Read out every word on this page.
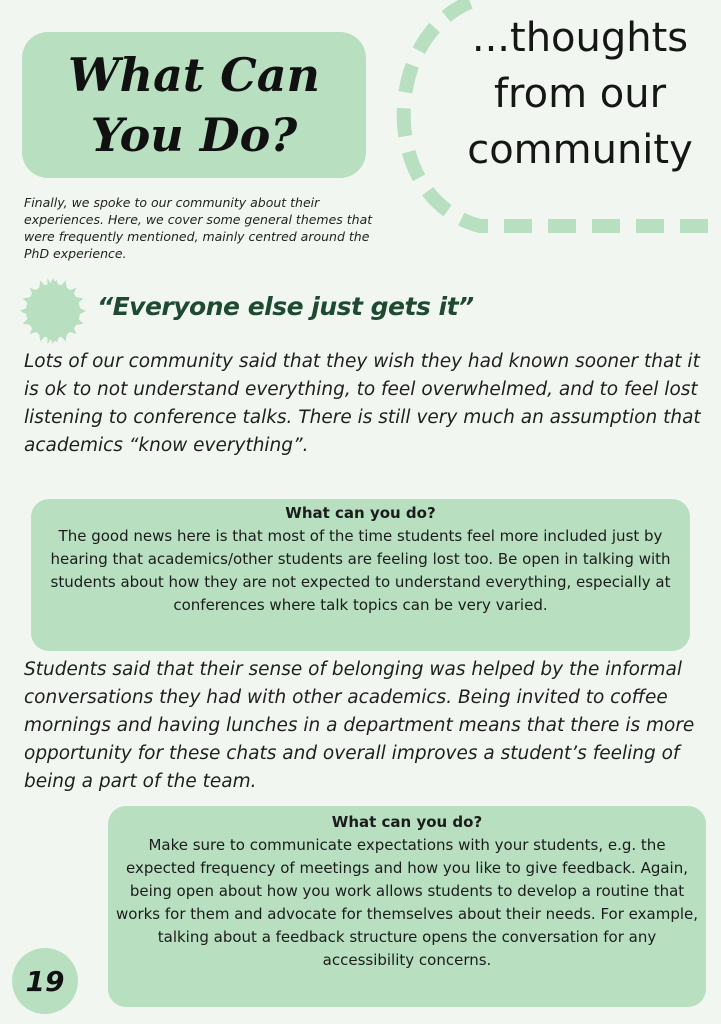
What Can You Do?
...thoughts from our community
Finally, we spoke to our community about their experiences. Here, we cover some general themes that were frequently mentioned, mainly centred around the PhD experience.
“Everyone else just gets it”
Lots of our community said that they wish they had known sooner that it is ok to not understand everything, to feel overwhelmed, and to feel lost listening to conference talks. There is still very much an assumption that academics “know everything”.
What can you do?

The good news here is that most of the time students feel more included just by hearing that academics/other students are feeling lost too. Be open in talking with students about how they are not expected to understand everything, especially at conferences where talk topics can be very varied.

Students said that their sense of belonging was helped by the informal conversations they had with other academics. Being invited to coffee mornings and having lunches in a department means that there is more opportunity for these chats and overall improves a student’s feeling of being a part of the team.
What can you do?

Make sure to communicate expectations with your students, e.g. the expected frequency of meetings and how you like to give feedback. Again, being open about how you work allows students to develop a routine that works for them and advocate for themselves about their needs. For example, talking about a feedback structure opens the conversation for any accessibility concerns.

19
